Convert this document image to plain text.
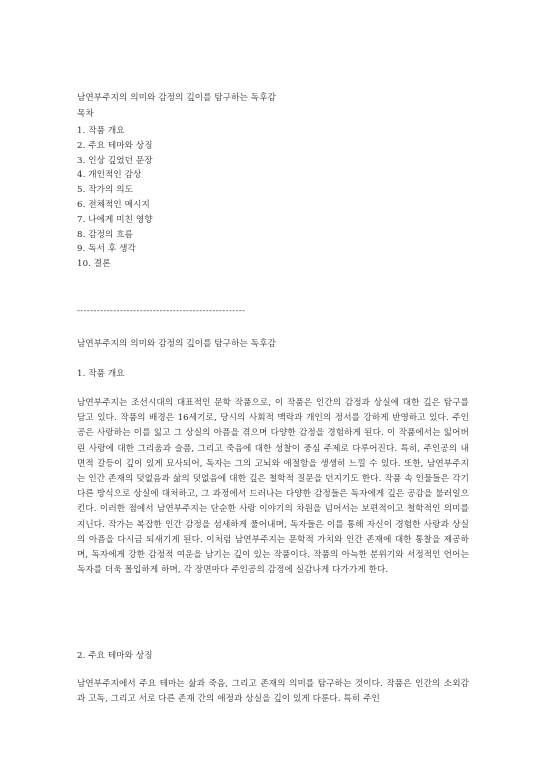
남연부주지의 의미와 감정의 깊이를 탐구하는 독후감
목차
1. 작품 개요
2. 주요 테마와 상징
3. 인상 깊었던 문장
4. 개인적인 감상
5. 작가의 의도
6. 전체적인 메시지
7. 나에게 미친 영향
8. 감정의 흐름
9. 독서 후 생각
10. 결론
---------------------------------------------------
남연부주지의 의미와 감정의 깊이를 탐구하는 독후감
1. 작품 개요
남연부주지는 조선시대의 대표적인 문학 작품으로, 이 작품은 인간의 감정과 상실에 대한 깊은 탐구를 담고 있다. 작품의 배경은 16세기로, 당시의 사회적 맥락과 개인의 정서를 강하게 반영하고 있다. 주인공은 사랑하는 이를 잃고 그 상실의 아픔을 겪으며 다양한 감정을 경험하게 된다. 이 작품에서는 잃어버린 사랑에 대한 그리움과 슬픔, 그리고 죽음에 대한 성찰이 중심 주제로 다루어진다. 특히, 주인공의 내면적 갈등이 깊이 있게 묘사되어, 독자는 그의 고뇌와 애절함을 생생히 느낄 수 있다. 또한, 남연부주지는 인간 존재의 덧없음과 삶의 덧없음에 대한 깊은 철학적 질문을 던지기도 한다. 작품 속 인물들은 각기 다른 방식으로 상실에 대처하고, 그 과정에서 드러나는 다양한 감정들은 독자에게 깊은 공감을 불러일으킨다. 이러한 점에서 남연부주지는 단순한 사랑 이야기의 차원을 넘어서는 보편적이고 철학적인 의미를 지닌다. 작가는 복잡한 인간 감정을 섬세하게 풀어내며, 독자들은 이를 통해 자신이 경험한 사랑과 상실의 아픔을 다시금 되새기게 된다. 이처럼 남연부주지는 문학적 가치와 인간 존재에 대한 통찰을 제공하며, 독자에게 강한 감정적 여운을 남기는 깊이 있는 작품이다. 작품의 아늑한 분위기와 서정적인 언어는 독자를 더욱 몰입하게 하며, 각 장면마다 주인공의 감정에 실감나게 다가가게 한다.
2. 주요 테마와 상징
남연부주지에서 주요 테마는 삶과 죽음, 그리고 존재의 의미를 탐구하는 것이다. 작품은 인간의 소외감과 고독, 그리고 서로 다른 존재 간의 애정과 상실을 깊이 있게 다룬다. 특히 주인
